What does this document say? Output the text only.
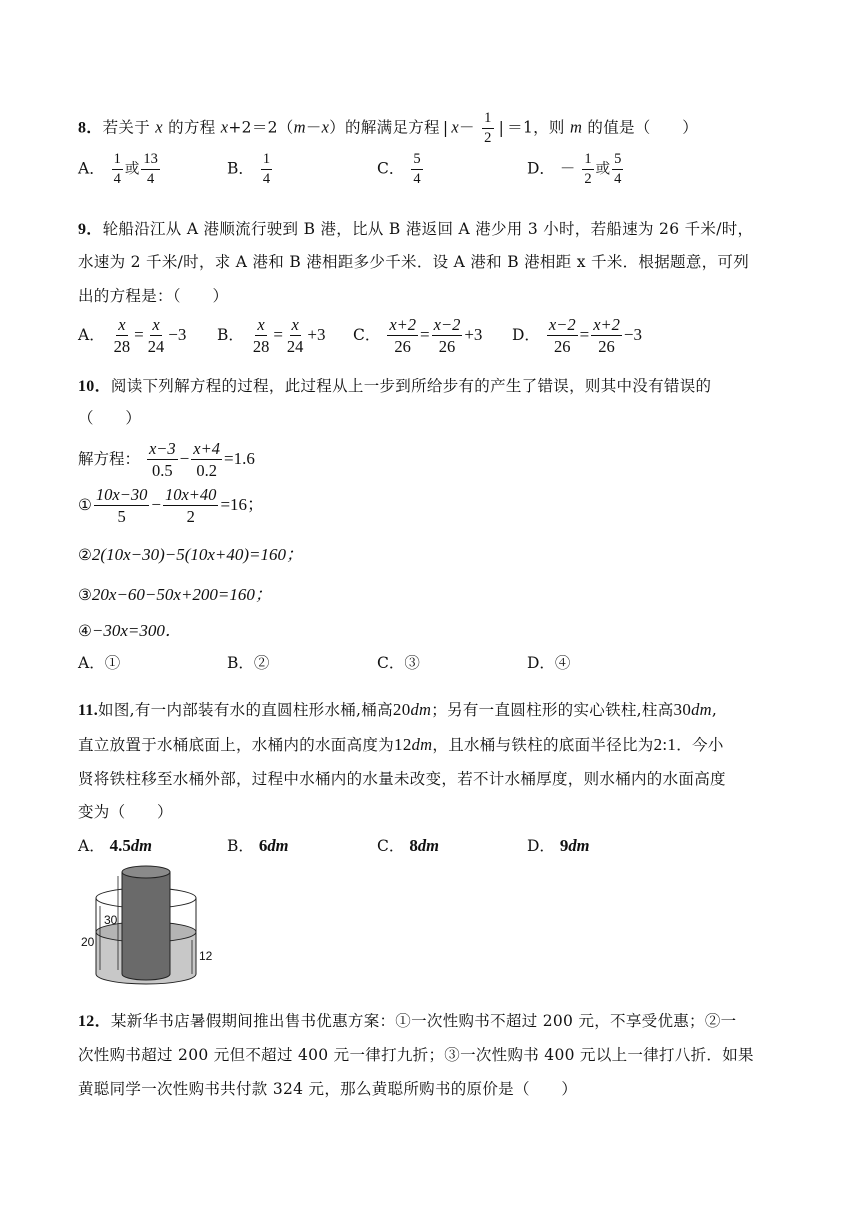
8．若关于 x 的方程 x+2＝2（m－x）的解满足方程 | $x- \frac{1}{2}$ | ＝1，则 m 的值是（　　）
A． $\frac{1}{4}$ 或 $\frac{13}{4}$	B． $\frac{1}{4}$	C． $\frac{5}{4}$	D． － $\frac{1}{2}$ 或 $\frac{5}{4}$
9．轮船沿江从 A 港顺流行驶到 B 港，比从 B 港返回 A 港少用 3 小时，若船速为 26 千米/时，
水速为 2 千米/时，求 A 港和 B 港相距多少千米．设 A 港和 B 港相距 x 千米．根据题意，可列
出的方程是：（　　）
A． $\frac{x}{28} = \frac{x}{24} -3$ B． $\frac{x}{28} = \frac{x}{24} +3$ C． $\frac{x+2}{26} = \frac{x-2}{26} +3$ D． $\frac{x-2}{26} = \frac{x+2}{26} -3$
10．阅读下列解方程的过程，此过程从上一步到所给步有的产生了错误，则其中没有错误的
（　　）
解方程： $\frac{x-3}{0.5} - \frac{x+4}{0.2} =1.6$
① $\frac{10x-30}{5} - \frac{10x+40}{2} =16$；
②2(10x−30)−5(10x+40)=160；
③20x−60−50x+200=160；
④−30x=300．
A．①	B．②	C．③	D．④
11.如图,有一内部装有水的直圆柱形水桶,桶高20dm；另有一直圆柱形的实心铁柱,柱高30dm,
直立放置于水桶底面上，水桶内的水面高度为12dm，且水桶与铁柱的底面半径比为2:1．今小
贤将铁柱移至水桶外部，过程中水桶内的水量未改变，若不计水桶厚度，则水桶内的水面高度
变为（　　）
A． 4.5dm	B． 6dm	C． 8dm	D． 9dm
30
20
12
12．某新华书店暑假期间推出售书优惠方案：①一次性购书不超过 200 元，不享受优惠；②一
次性购书超过 200 元但不超过 400 元一律打九折；③一次性购书 400 元以上一律打八折．如果
黄聪同学一次性购书共付款 324 元，那么黄聪所购书的原价是（　　）
